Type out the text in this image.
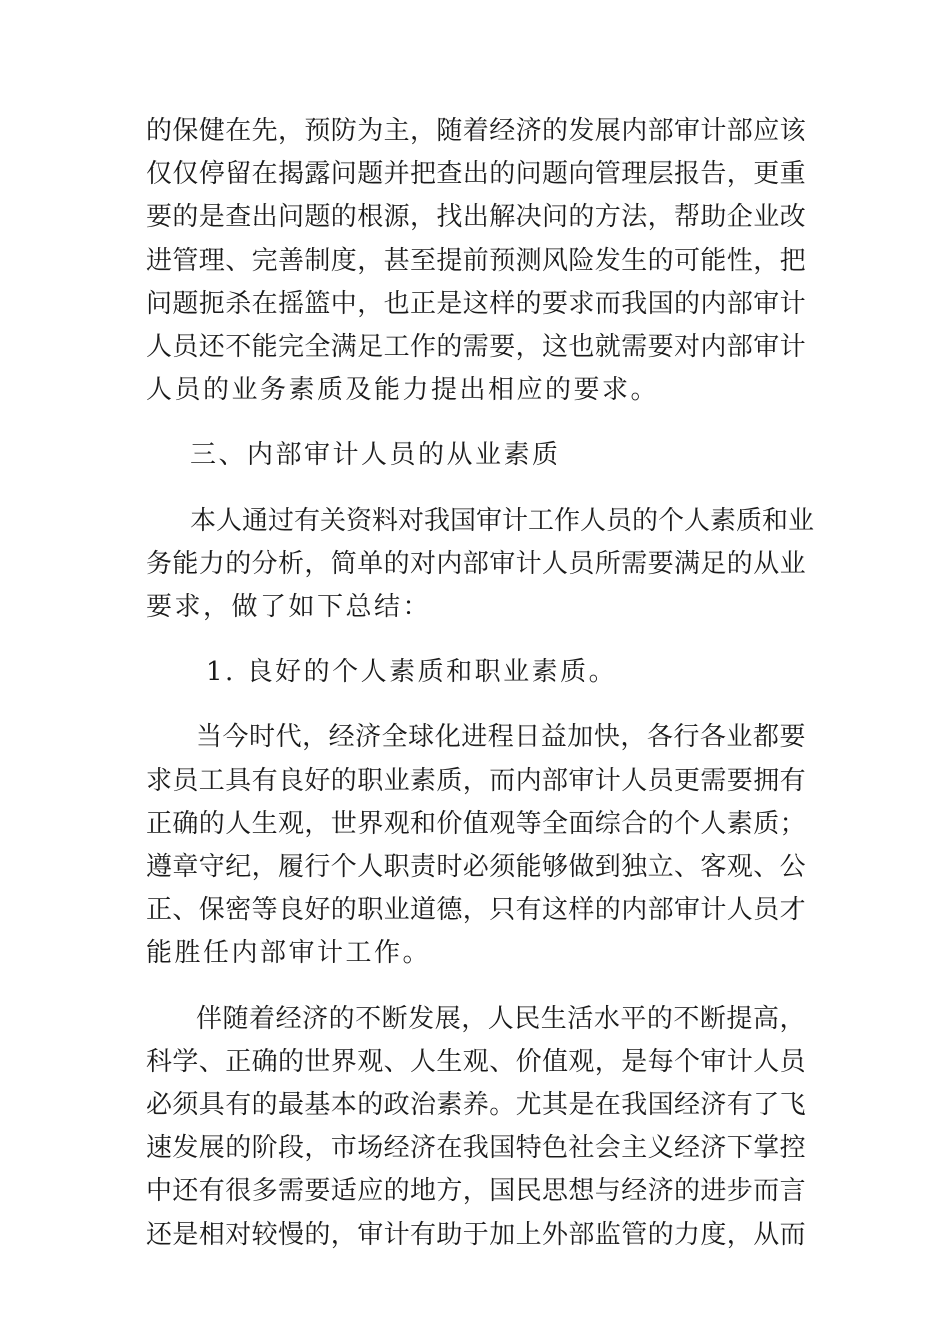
的保健在先，预防为主，随着经济的发展内部审计部应该
仅仅停留在揭露问题并把查出的问题向管理层报告，更重
要的是查出问题的根源，找出解决问的方法，帮助企业改
进管理、完善制度，甚至提前预测风险发生的可能性，把
问题扼杀在摇篮中，也正是这样的要求而我国的内部审计
人员还不能完全满足工作的需要，这也就需要对内部审计
人员的业务素质及能力提出相应的要求。
三、内部审计人员的从业素质
本人通过有关资料对我国审计工作人员的个人素质和业
务能力的分析，简单的对内部审计人员所需要满足的从业
要求，做了如下总结：
1. 良好的个人素质和职业素质。
当今时代，经济全球化进程日益加快，各行各业都要
求员工具有良好的职业素质，而内部审计人员更需要拥有
正确的人生观，世界观和价值观等全面综合的个人素质；
遵章守纪，履行个人职责时必须能够做到独立、客观、公
正、保密等良好的职业道德，只有这样的内部审计人员才
能胜任内部审计工作。
伴随着经济的不断发展，人民生活水平的不断提高，
科学、正确的世界观、人生观、价值观，是每个审计人员
必须具有的最基本的政治素养。尤其是在我国经济有了飞
速发展的阶段，市场经济在我国特色社会主义经济下掌控
中还有很多需要适应的地方，国民思想与经济的进步而言
还是相对较慢的，审计有助于加上外部监管的力度，从而
